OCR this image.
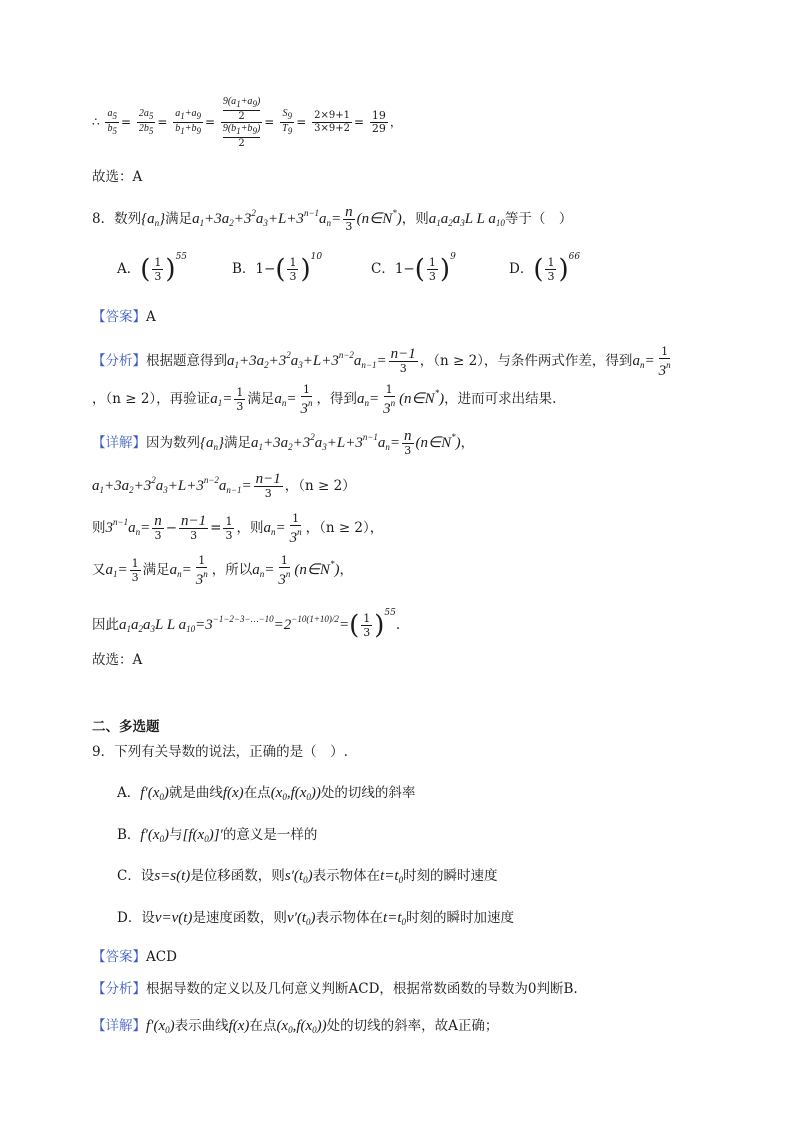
∴ $\frac{a5}{b5} = \frac{2a5}{2b5} = \frac{a1+a9}{b1+b9} = 9(a1+a9)$
2
9(b1+b9)
$2 = \frac{S9}{T9} = \frac{2\times 9+1}{3\times 9+2} = \frac{19}{29}$ ，
故选：A
8．数列$\{a_n\}$满足$a_1+3a_2+3^2a_3+L+3^{n-1}a_n= \frac{n}{3}$ (n∈N*)，则$a_1a_2a_3L$ L $a_{10}$等于（　）
A．( $\frac{1}{3} )^{55}$
B．$1-( \frac{1}{3} )^{10}$
C．$1-( \frac{1}{3} )^9$
D．( $\frac{1}{3} )^{66}$
【答案】A
【分析】根据题意得到$a_1+3a_2+3^2a_3+L+3^{n-2}a_{n-1}= \frac{n-1}{3}$ ，（n ≥ 2），与条件两式作差，得到$a_n= \frac{1}{3^n}$
，（n ≥ 2），再验证$a_1= \frac{1}{3}$ 满足$a_n= \frac{1}{3^n}$ ，得到$a_n= \frac{1}{3^n}$ (n∈N*)，进而可求出结果.
【详解】因为数列$\{a_n\}$满足$a_1+3a_2+3^2a_3+L+3^{n-1}a_n= \frac{n}{3}$ (n∈N*)，
$a_1+3a_2+3^2a_3+L+3^{n-2}a_{n-1}= \frac{n-1}{3}$ ，（n ≥ 2）
则$3^{n-1}a_n= \frac{n}{3} - \frac{n-1}{3} = \frac{1}{3}$ ，则$a_n= \frac{1}{3^n}$ ，（n ≥ 2），
又$a_1= \frac{1}{3}$ 满足$a_n= \frac{1}{3^n}$ ，所以$a_n= \frac{1}{3^n}$ (n∈N*)，
因此$a_1a_2a_3L$ L $a_{10}=3^{-1-2-3-\dots-10}=2^{-10(1+10)/2}=( \frac{1}{3} )^{55}$.
故选：A
二、多选题
9．下列有关导数的说法，正确的是（　）.
A．$f'(x_0)$就是曲线f(x)在点$(x_0,f(x_0))$处的切线的斜率
B．$f'(x_0)$与$[f(x_0)]'$的意义是一样的
C．设s=s(t)是位移函数，则$s'(t_0)$表示物体在$t=t_0$时刻的瞬时速度
D．设v=v(t)是速度函数，则$v'(t_0)$表示物体在$t=t_0$时刻的瞬时加速度
【答案】ACD
【分析】根据导数的定义以及几何意义判断ACD，根据常数函数的导数为0判断B.
【详解】$f'(x_0)$表示曲线f(x)在点$(x_0,f(x_0))$处的切线的斜率，故A正确；
